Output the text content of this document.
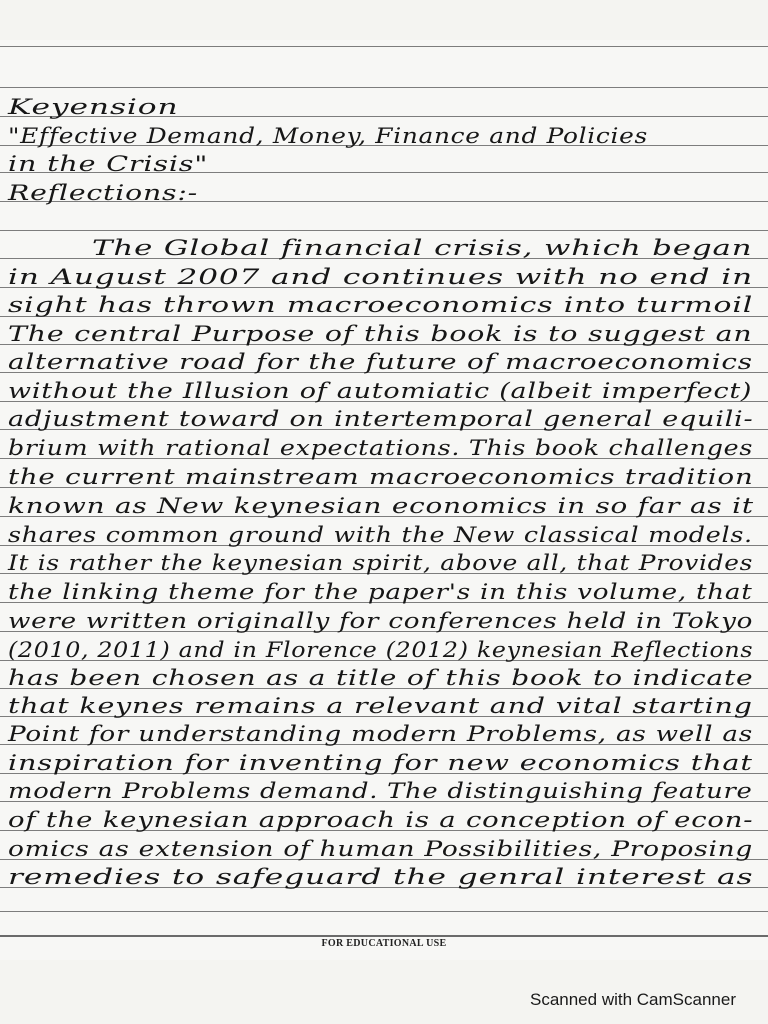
Keyension
"Effective Demand, Money, Finance and Policies
in the Crisis"
Reflections:-
The Global financial crisis, which began
in August 2007 and continues with no end in
sight has thrown macroeconomics into turmoil
The central Purpose of this book is to suggest an
alternative road for the future of macroeconomics
without the Illusion of automiatic (albeit imperfect)
adjustment toward on intertemporal general equili-
brium with rational expectations. This book challenges
the current mainstream macroeconomics tradition
known as New keynesian economics in so far as it
shares common ground with the New classical models.
It is rather the keynesian spirit, above all, that Provides
the linking theme for the paper's in this volume, that
were written originally for conferences held in Tokyo
(2010, 2011) and in Florence (2012) keynesian Reflections
has been chosen as a title of this book to indicate
that keynes remains a relevant and vital starting
Point for understanding modern Problems, as well as
inspiration for inventing for new economics that
modern Problems demand. The distinguishing feature
of the keynesian approach is a conception of econ-
omics as extension of human Possibilities, Proposing
remedies to safeguard the genral interest as
FOR EDUCATIONAL USE
Scanned with CamScanner
